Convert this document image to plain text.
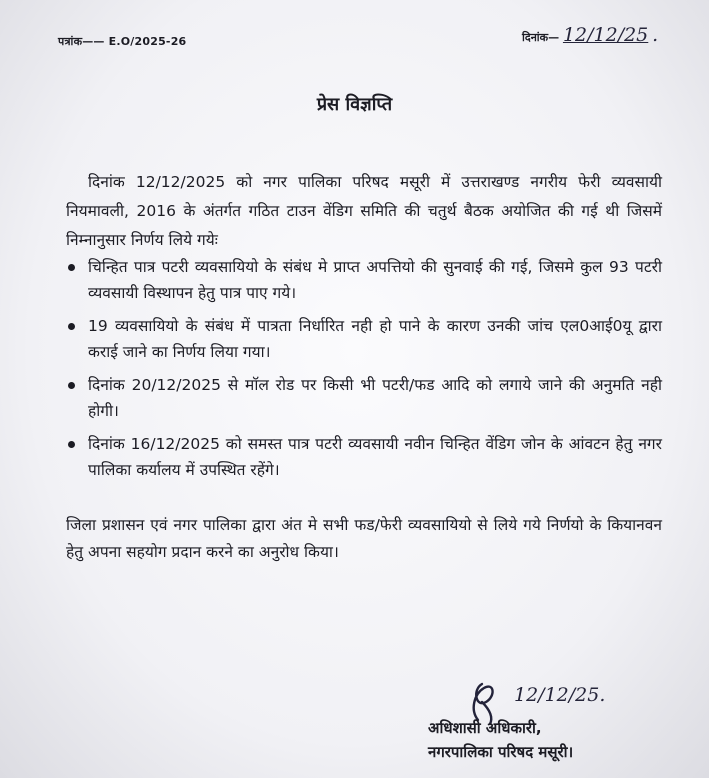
पत्रांक—— E.O/2025-26	दिनांक— 12/12/25 .
प्रेस विज्ञप्ति
दिनांक 12/12/2025 को नगर पालिका परिषद मसूरी में उत्तराखण्ड नगरीय फेरी व्यवसायी नियमावली, 2016 के अंतर्गत गठित टाउन वेंडिग समिति की चतुर्थ बैठक अयोजित की गई थी जिसमें निम्नानुसार निर्णय लिये गयेः
चिन्हित पात्र पटरी व्यवसायियो के संबंध मे प्राप्त अपत्तियो की सुनवाई की गई, जिसमे कुल 93 पटरी व्यवसायी विस्थापन हेतु पात्र पाए गये।
19 व्यवसायियो के संबंध में पात्रता निर्धारित नही हो पाने के कारण उनकी जांच एल0आई0यू द्वारा कराई जाने का निर्णय लिया गया।
दिनांक 20/12/2025 से मॉल रोड पर किसी भी पटरी/फड आदि को लगाये जाने की अनुमति नही होगी।
दिनांक 16/12/2025 को समस्त पात्र पटरी व्यवसायी नवीन चिन्हित वेंडिग जोन के आंवटन हेतु नगर पालिका कर्यालय में उपस्थित रहेंगे।
जिला प्रशासन एवं नगर पालिका द्वारा अंत मे सभी फड/फेरी व्यवसायियो से लिये गये निर्णयो के कियानवन हेतु अपना सहयोग प्रदान करने का अनुरोध किया।
12/12/25.
अधिशासी अधिकारी,
नगरपालिका परिषद मसूरी।
